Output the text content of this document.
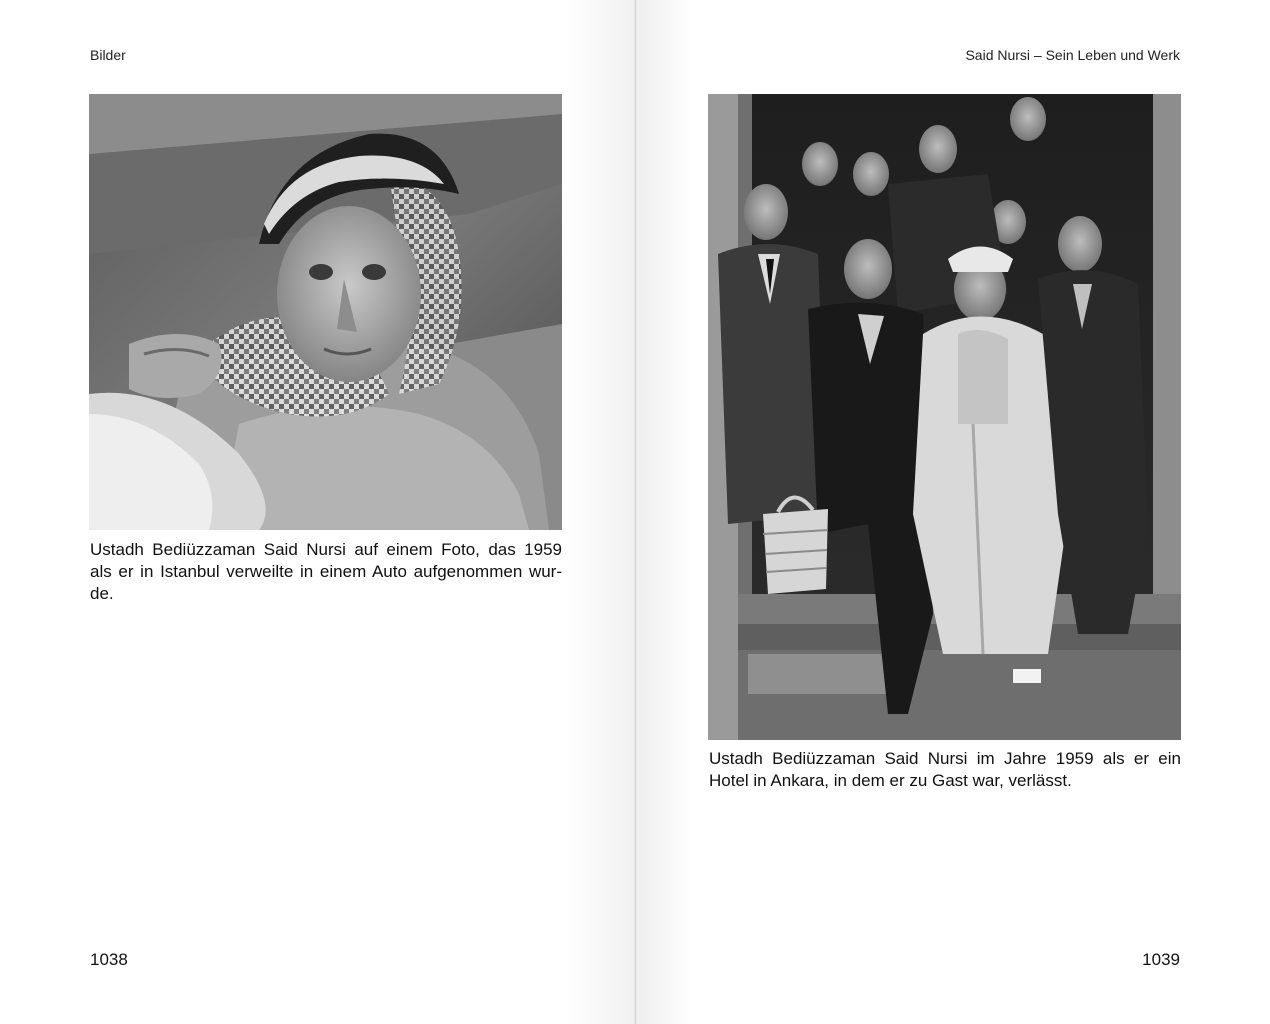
Bilder
Ustadh Bediüzzaman Said Nursi auf einem Foto, das 1959
als er in Istanbul verweilte in einem Auto aufgenommen wur-
de.
1038
Said Nursi – Sein Leben und Werk
Ustadh Bediüzzaman Said Nursi im Jahre 1959 als er ein
Hotel in Ankara, in dem er zu Gast war, verlässt.
1039
